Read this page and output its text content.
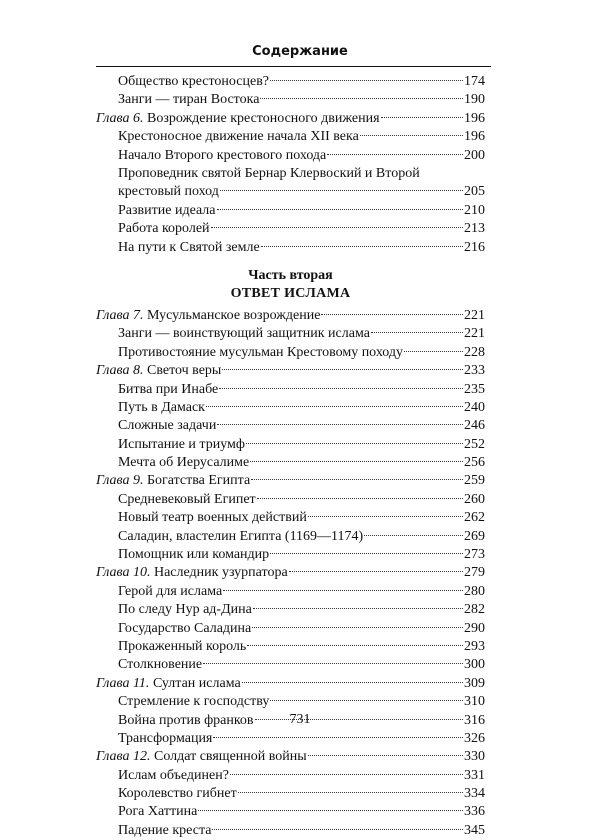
Содержание
Общество крестоносцев?	174
Занги — тиран Востока	190
Глава 6. Возрождение крестоносного движения	196
Крестоносное движение начала XII века	196
Начало Второго крестового похода	200
Проповедник святой Бернар Клервоский и Второй
крестовый поход	205
Развитие идеала	210
Работа королей	213
На пути к Святой земле	216
Часть вторая
ОТВЕТ ИСЛАМА
Глава 7. Мусульманское возрождение	221
Занги — воинствующий защитник ислама	221
Противостояние мусульман Крестовому походу	228
Глава 8. Светоч веры	233
Битва при Инабе	235
Путь в Дамаск	240
Сложные задачи	246
Испытание и триумф	252
Мечта об Иерусалиме	256
Глава 9. Богатства Египта	259
Средневековый Египет	260
Новый театр военных действий	262
Саладин, властелин Египта (1169—1174)	269
Помощник или командир	273
Глава 10. Наследник узурпатора	279
Герой для ислама	280
По следу Нур ад-Дина	282
Государство Саладина	290
Прокаженный король	293
Столкновение	300
Глава 11. Султан ислама	309
Стремление к господству	310
Война против франков	316
Трансформация	326
Глава 12. Солдат священной войны	330
Ислам объединен?	331
Королевство гибнет	334
Рога Хаттина	336
Падение креста	345
731
